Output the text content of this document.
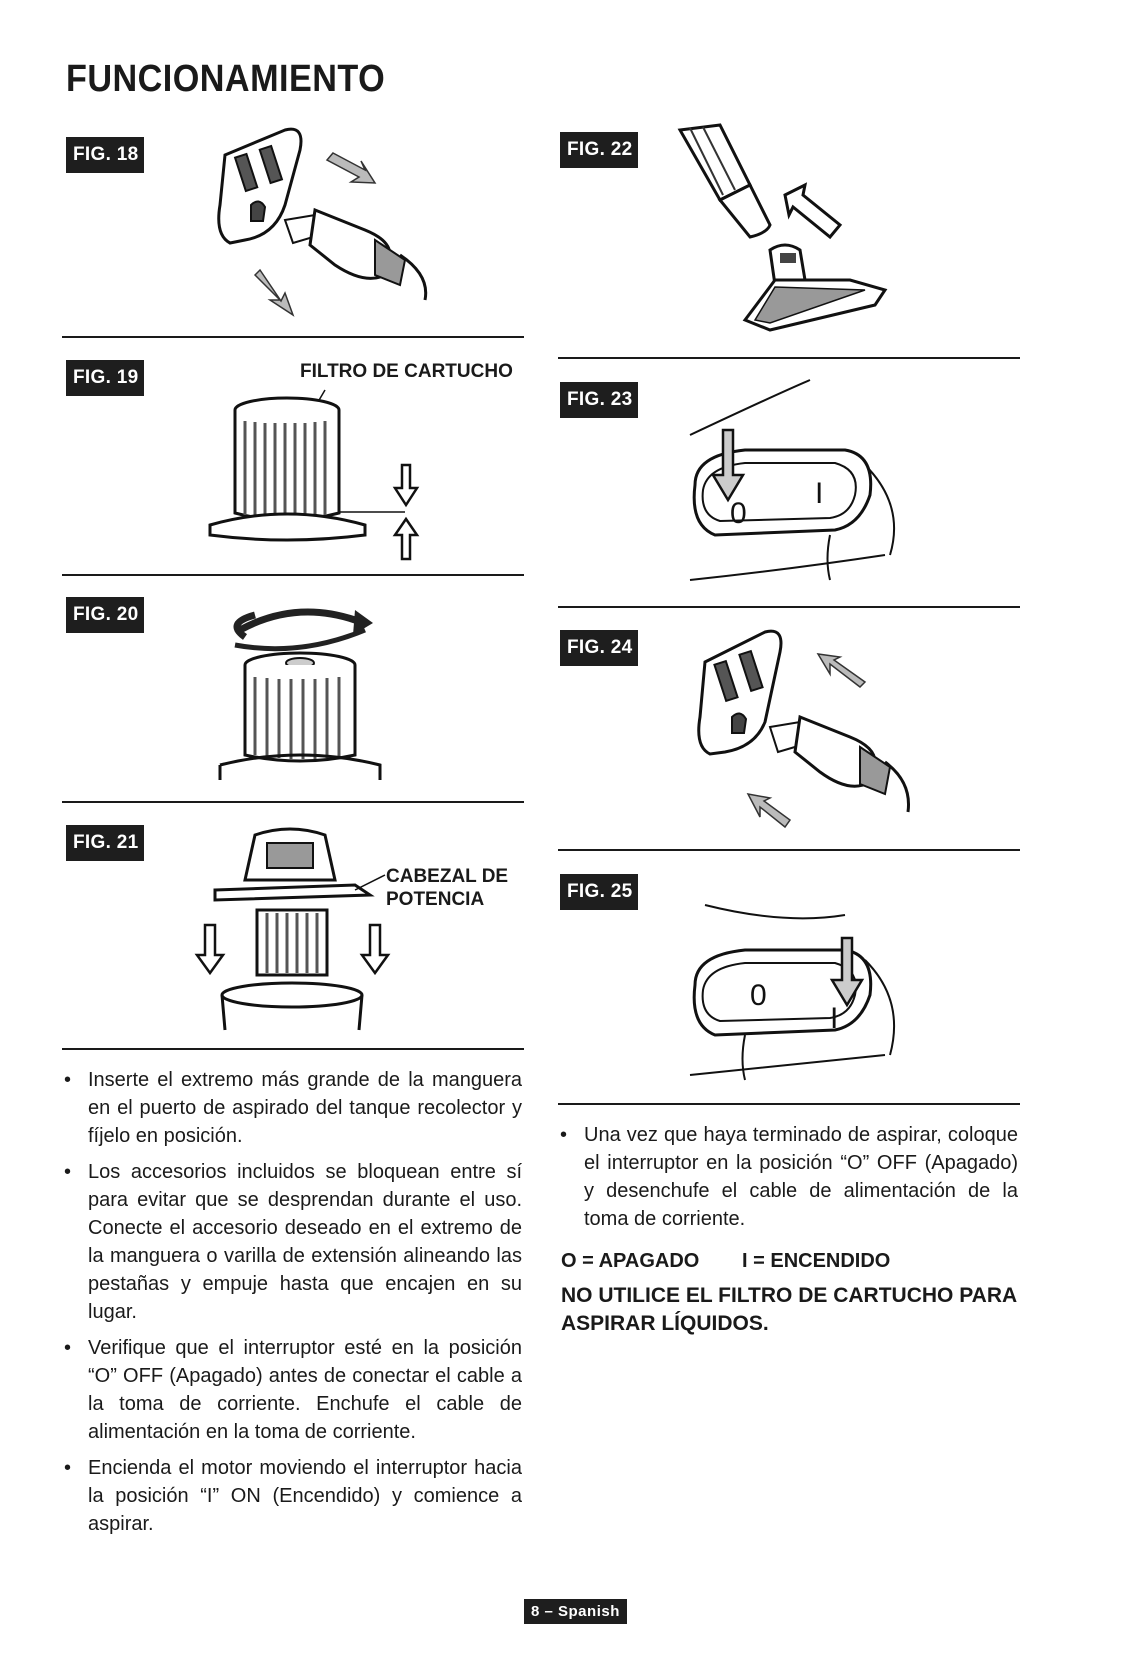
FUNCIONAMIENTO
FIG. 18
FIG. 19	FILTRO DE CARTUCHO
FIG. 20
FIG. 21
CABEZAL DE
POTENCIA
• Inserte el extremo más grande de la manguera en el puerto de aspirado del tanque recolector y fíjelo en posición.
• Los accesorios incluidos se bloquean entre sí para evitar que se desprendan durante el uso. Conecte el accesorio deseado en el extremo de la manguera o varilla de extensión alineando las pestañas y empuje hasta que encajen en su lugar.
• Verifique que el interruptor esté en la posición “O” OFF (Apagado) antes de conectar el cable a la toma de corriente. Enchufe el cable de alimentación en la toma de corriente.
• Encienda el motor moviendo el interruptor hacia la posición “I” ON (Encendido) y comience a aspirar.
FIG. 22
FIG. 23
0
I
FIG. 24
FIG. 25
0
I
• Una vez que haya terminado de aspirar, coloque el interruptor en la posición “O” OFF (Apagado) y desenchufe el cable de alimentación de la toma de corriente.
O = APAGADO I = ENCENDIDO
NO UTILICE EL FILTRO DE CARTUCHO PARA ASPIRAR LÍQUIDOS.
8 – Spanish
